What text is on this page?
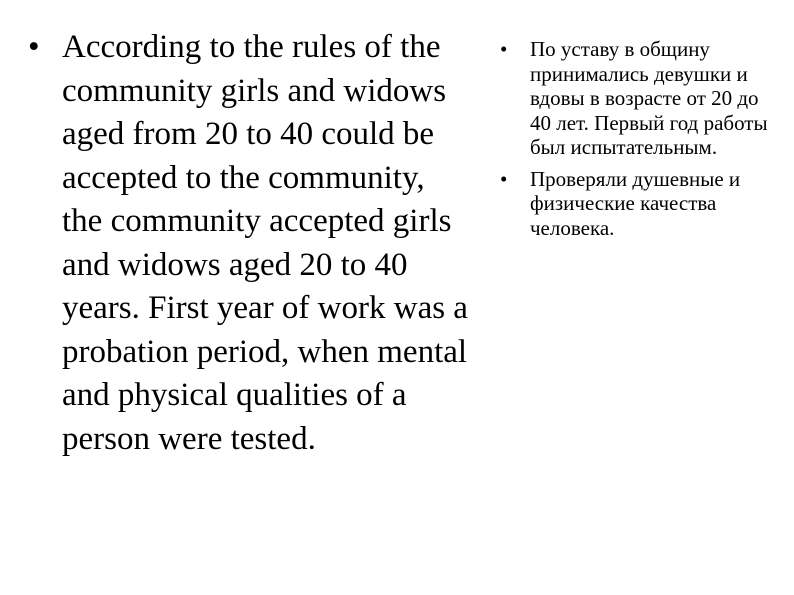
• According to the rules of the community girls and widows aged from 20 to 40 could be accepted to the community, the community accepted girls and widows aged 20 to 40 years. First year of work was a probation period, when mental and physical qualities of a person were tested.
• По уставу в общину принимались девушки и вдовы в возрасте от 20 до 40 лет. Первый год работы был испытательным.
• Проверяли душевные и физические качества человека.
